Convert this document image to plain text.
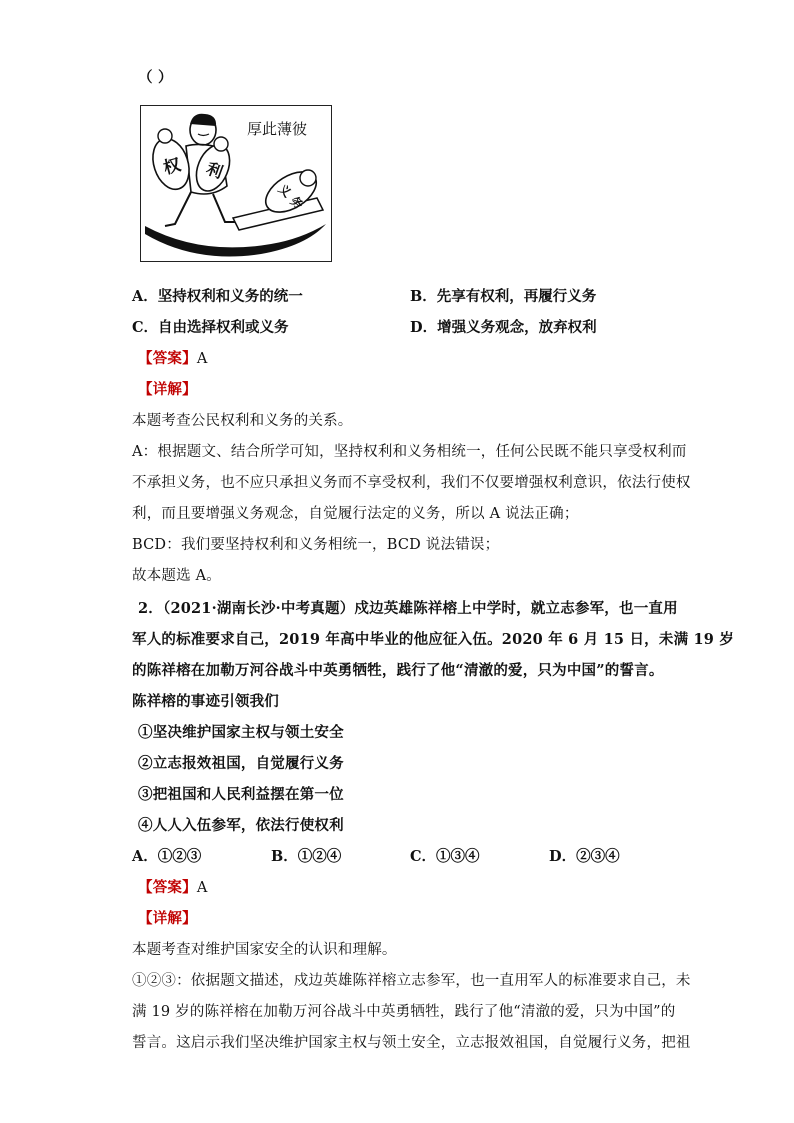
（ ）
厚此薄彼
权 利
义
务
A．坚持权利和义务的统一	B．先享有权利，再履行义务
C．自由选择权利或义务	D．增强义务观念，放弃权利
【答案】A
【详解】
本题考查公民权利和义务的关系。
A：根据题文、结合所学可知，坚持权利和义务相统一，任何公民既不能只享受权利而
不承担义务，也不应只承担义务而不享受权利，我们不仅要增强权利意识，依法行使权
利，而且要增强义务观念，自觉履行法定的义务，所以 A 说法正确；
BCD：我们要坚持权利和义务相统一，BCD 说法错误；
故本题选 A。
2．（2021·湖南长沙·中考真题）戍边英雄陈祥榕上中学时，就立志参军，也一直用
军人的标准要求自己，2019 年高中毕业的他应征入伍。2020 年 6 月 15 日，未满 19 岁
的陈祥榕在加勒万河谷战斗中英勇牺牲，践行了他“清澈的爱，只为中国”的誓言。
陈祥榕的事迹引领我们
①坚决维护国家主权与领土安全
②立志报效祖国，自觉履行义务
③把祖国和人民利益摆在第一位
④人人入伍参军，依法行使权利
A．①②③	B．①②④	C．①③④	D．②③④
【答案】A
【详解】
本题考查对维护国家安全的认识和理解。
①②③：依据题文描述，戍边英雄陈祥榕立志参军，也一直用军人的标准要求自己，未
满 19 岁的陈祥榕在加勒万河谷战斗中英勇牺牲，践行了他“清澈的爱，只为中国”的
誓言。这启示我们坚决维护国家主权与领土安全，立志报效祖国，自觉履行义务，把祖
